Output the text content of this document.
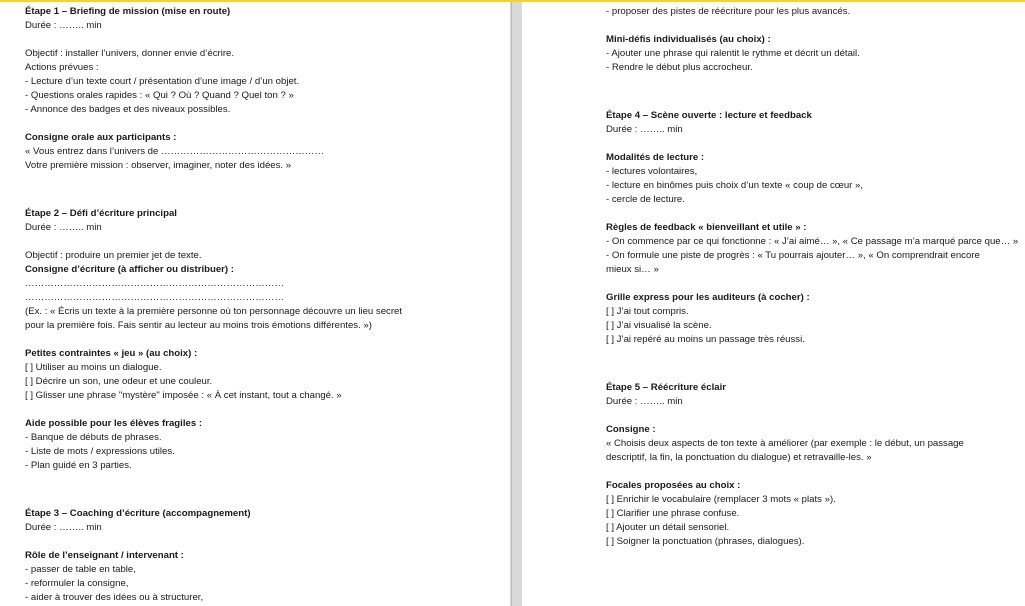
Étape 1 – Briefing de mission (mise en route)
Durée : …….. min
Objectif : installer l’univers, donner envie d’écrire.
Actions prévues :
- Lecture d’un texte court / présentation d’une image / d’un objet.
- Questions orales rapides : « Qui ? Où ? Quand ? Quel ton ? »
- Annonce des badges et des niveaux possibles.
Consigne orale aux participants :
« Vous entrez dans l’univers de ……………………………………………
Votre première mission : observer, imaginer, noter des idées. »
Étape 2 – Défi d’écriture principal
Durée : …….. min
Objectif : produire un premier jet de texte.
Consigne d’écriture (à afficher ou distribuer) :
………………………………………………………………………
………………………………………………………………………
(Ex. : « Écris un texte à la première personne où ton personnage découvre un lieu secret
pour la première fois. Fais sentir au lecteur au moins trois émotions différentes. »)
Petites contraintes « jeu » (au choix) :
[ ] Utiliser au moins un dialogue.
[ ] Décrire un son, une odeur et une couleur.
[ ] Glisser une phrase "mystère" imposée : « À cet instant, tout a changé. »
Aide possible pour les élèves fragiles :
- Banque de débuts de phrases.
- Liste de mots / expressions utiles.
- Plan guidé en 3 parties.
Étape 3 – Coaching d’écriture (accompagnement)
Durée : …….. min
Rôle de l’enseignant / intervenant :
- passer de table en table,
- reformuler la consigne,
- aider à trouver des idées ou à structurer,
- proposer des pistes de réécriture pour les plus avancés.
Mini-défis individualisés (au choix) :
- Ajouter une phrase qui ralentit le rythme et décrit un détail.
- Rendre le début plus accrocheur.
Étape 4 – Scène ouverte : lecture et feedback
Durée : …….. min
Modalités de lecture :
- lectures volontaires,
- lecture en binômes puis choix d’un texte « coup de cœur »,
- cercle de lecture.
Règles de feedback « bienveillant et utile » :
- On commence par ce qui fonctionne : « J’ai aimé… », « Ce passage m’a marqué parce que… »
- On formule une piste de progrès : « Tu pourrais ajouter… », « On comprendrait encore
mieux si… »
Grille express pour les auditeurs (à cocher) :
[ ] J’ai tout compris.
[ ] J’ai visualisé la scène.
[ ] J’ai repéré au moins un passage très réussi.
Étape 5 – Réécriture éclair
Durée : …….. min
Consigne :
« Choisis deux aspects de ton texte à améliorer (par exemple : le début, un passage
descriptif, la fin, la ponctuation du dialogue) et retravaille-les. »
Focales proposées au choix :
[ ] Enrichir le vocabulaire (remplacer 3 mots « plats »).
[ ] Clarifier une phrase confuse.
[ ] Ajouter un détail sensoriel.
[ ] Soigner la ponctuation (phrases, dialogues).
